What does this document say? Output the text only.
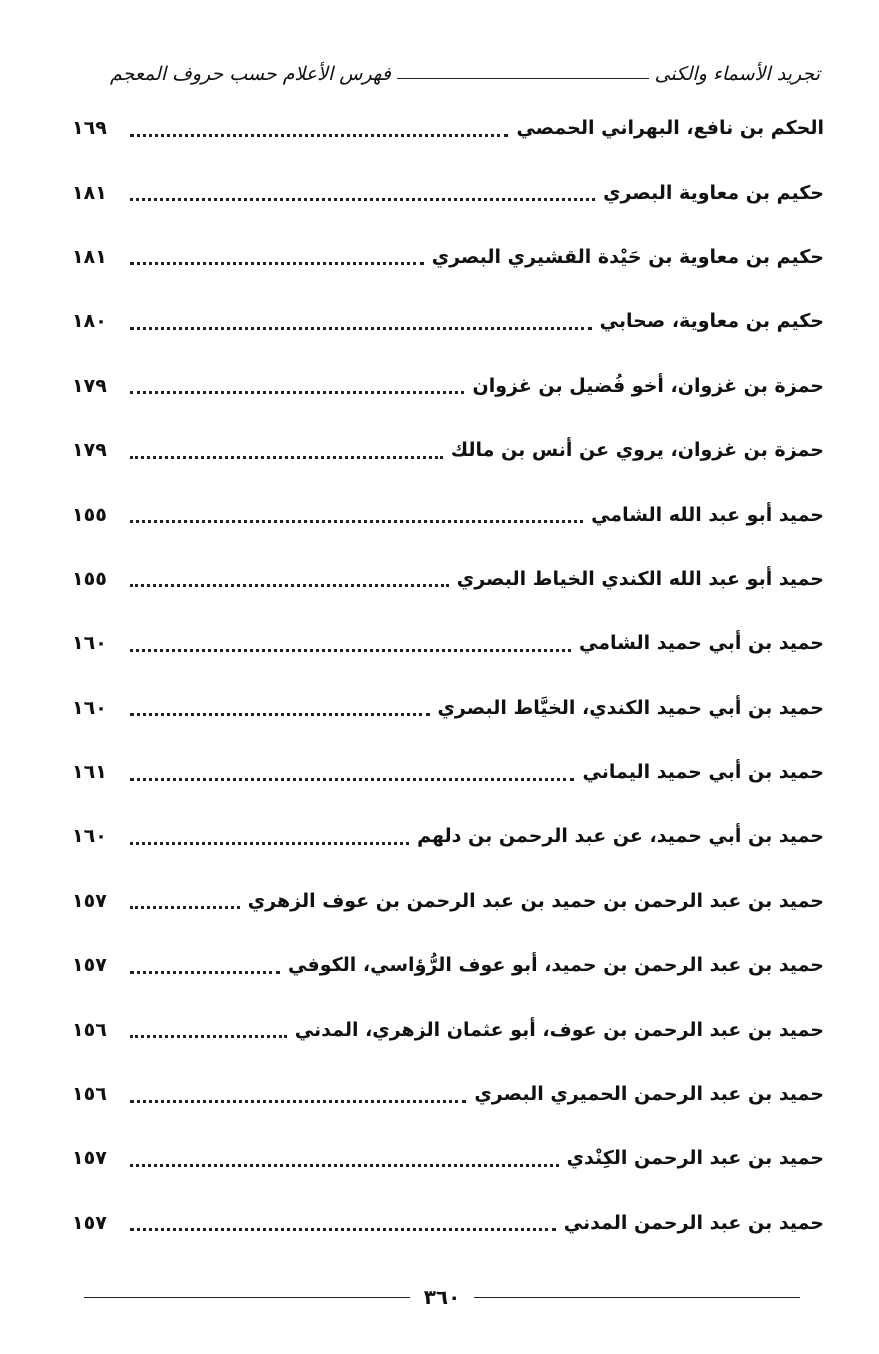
تجريد الأسماء والكنى
فهرس الأعلام حسب حروف المعجم
الحكم بن نافع، البهراني الحمصي
١٦٩
حكيم بن معاوية البصري
١٨١
حكيم بن معاوية بن حَيْدة القشيري البصري
١٨١
حكيم بن معاوية، صحابي
١٨٠
حمزة بن غزوان، أخو فُضيل بن غزوان
١٧٩
حمزة بن غزوان، يروي عن أنس بن مالك
١٧٩
حميد أبو عبد الله الشامي
١٥٥
حميد أبو عبد الله الكندي الخياط البصري
١٥٥
حميد بن أبي حميد الشامي
١٦٠
حميد بن أبي حميد الكندي، الخيَّاط البصري
١٦٠
حميد بن أبي حميد اليماني
١٦١
حميد بن أبي حميد، عن عبد الرحمن بن دلهم
١٦٠
حميد بن عبد الرحمن بن حميد بن عبد الرحمن بن عوف الزهري
١٥٧
حميد بن عبد الرحمن بن حميد، أبو عوف الرُّؤاسي، الكوفي
١٥٧
حميد بن عبد الرحمن بن عوف، أبو عثمان الزهري، المدني
١٥٦
حميد بن عبد الرحمن الحميري البصري
١٥٦
حميد بن عبد الرحمن الكِنْدي
١٥٧
حميد بن عبد الرحمن المدني
١٥٧
٣٦٠
